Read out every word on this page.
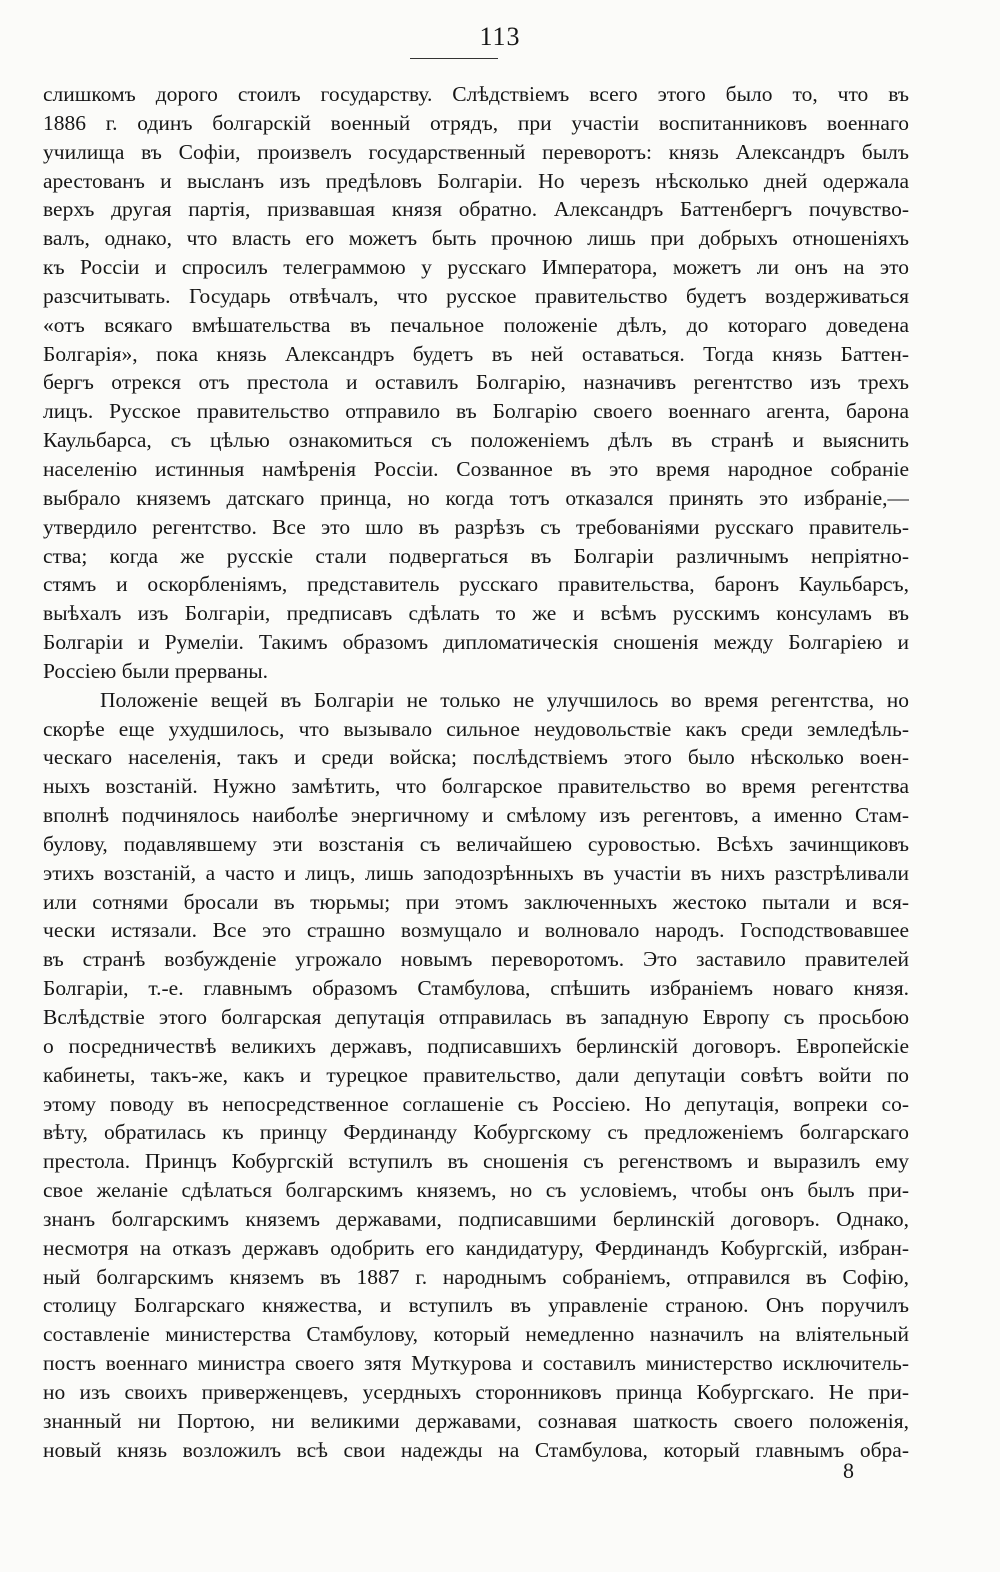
113
слишкомъ дорого стоилъ государству. Слѣдствіемъ всего этого было то, что въ
1886 г. одинъ болгарскій военный отрядъ, при участіи воспитанниковъ военнаго
училища въ Софіи, произвелъ государственный переворотъ: князь Александръ былъ
арестованъ и высланъ изъ предѣловъ Болгаріи. Но черезъ нѣсколько дней одержала
верхъ другая партія, призвавшая князя обратно. Александръ Баттенбергъ почувство-
валъ, однако, что власть его можетъ быть прочною лишь при добрыхъ отношеніяхъ
къ Россіи и спросилъ телеграммою у русскаго Императора, можетъ ли онъ на это
разсчитывать. Государь отвѣчалъ, что русское правительство будетъ воздерживаться
«отъ всякаго вмѣшательства въ печальное положеніе дѣлъ, до котораго доведена
Болгарія», пока князь Александръ будетъ въ ней оставаться. Тогда князь Баттен-
бергъ отрекся отъ престола и оставилъ Болгарію, назначивъ регентство изъ трехъ
лицъ. Русское правительство отправило въ Болгарію своего военнаго агента, барона
Каульбарса, съ цѣлью ознакомиться съ положеніемъ дѣлъ въ странѣ и выяснить
населенію истинныя намѣренія Россіи. Созванное въ это время народное собраніе
выбрало княземъ датскаго принца, но когда тотъ отказался принять это избраніе,—
утвердило регентство. Все это шло въ разрѣзъ съ требованіями русскаго правитель-
ства; когда же русскіе стали подвергаться въ Болгаріи различнымъ непріятно-
стямъ и оскорбленіямъ, представитель русскаго правительства, баронъ Каульбарсъ,
выѣхалъ изъ Болгаріи, предписавъ сдѣлать то же и всѣмъ русскимъ консуламъ въ
Болгаріи и Румеліи. Такимъ образомъ дипломатическія сношенія между Болгаріею и
Россіею были прерваны.
Положеніе вещей въ Болгаріи не только не улучшилось во время регентства, но
скорѣе еще ухудшилось, что вызывало сильное неудовольствіе какъ среди земледѣль-
ческаго населенія, такъ и среди войска; послѣдствіемъ этого было нѣсколько воен-
ныхъ возстаній. Нужно замѣтить, что болгарское правительство во время регентства
вполнѣ подчинялось наиболѣе энергичному и смѣлому изъ регентовъ, а именно Стам-
булову, подавлявшему эти возстанія съ величайшею суровостью. Всѣхъ зачинщиковъ
этихъ возстаній, а часто и лицъ, лишь заподозрѣнныхъ въ участіи въ нихъ разстрѣливали
или сотнями бросали въ тюрьмы; при этомъ заключенныхъ жестоко пытали и вся-
чески истязали. Все это страшно возмущало и волновало народъ. Господствовавшее
въ странѣ возбужденіе угрожало новымъ переворотомъ. Это заставило правителей
Болгаріи, т.-е. главнымъ образомъ Стамбулова, спѣшить избраніемъ новаго князя.
Вслѣдствіе этого болгарская депутація отправилась въ западную Европу съ просьбою
о посредничествѣ великихъ державъ, подписавшихъ берлинскій договоръ. Европейскіе
кабинеты, такъ-же, какъ и турецкое правительство, дали депутаціи совѣтъ войти по
этому поводу въ непосредственное соглашеніе съ Россіею. Но депутація, вопреки со-
вѣту, обратилась къ принцу Фердинанду Кобургскому съ предложеніемъ болгарскаго
престола. Принцъ Кобургскій вступилъ въ сношенія съ регенствомъ и выразилъ ему
свое желаніе сдѣлаться болгарскимъ княземъ, но съ условіемъ, чтобы онъ былъ при-
знанъ болгарскимъ княземъ державами, подписавшими берлинскій договоръ. Однако,
несмотря на отказъ державъ одобрить его кандидатуру, Фердинандъ Кобургскій, избран-
ный болгарскимъ княземъ въ 1887 г. народнымъ собраніемъ, отправился въ Софію,
столицу Болгарскаго княжества, и вступилъ въ управленіе страною. Онъ поручилъ
составленіе министерства Стамбулову, который немедленно назначилъ на вліятельный
постъ военнаго министра своего зятя Муткурова и составилъ министерство исключитель-
но изъ своихъ приверженцевъ, усердныхъ сторонниковъ принца Кобургскаго. Не при-
знанный ни Портою, ни великими державами, сознавая шаткость своего положенія,
новый князь возложилъ всѣ свои надежды на Стамбулова, который главнымъ обра-
8
